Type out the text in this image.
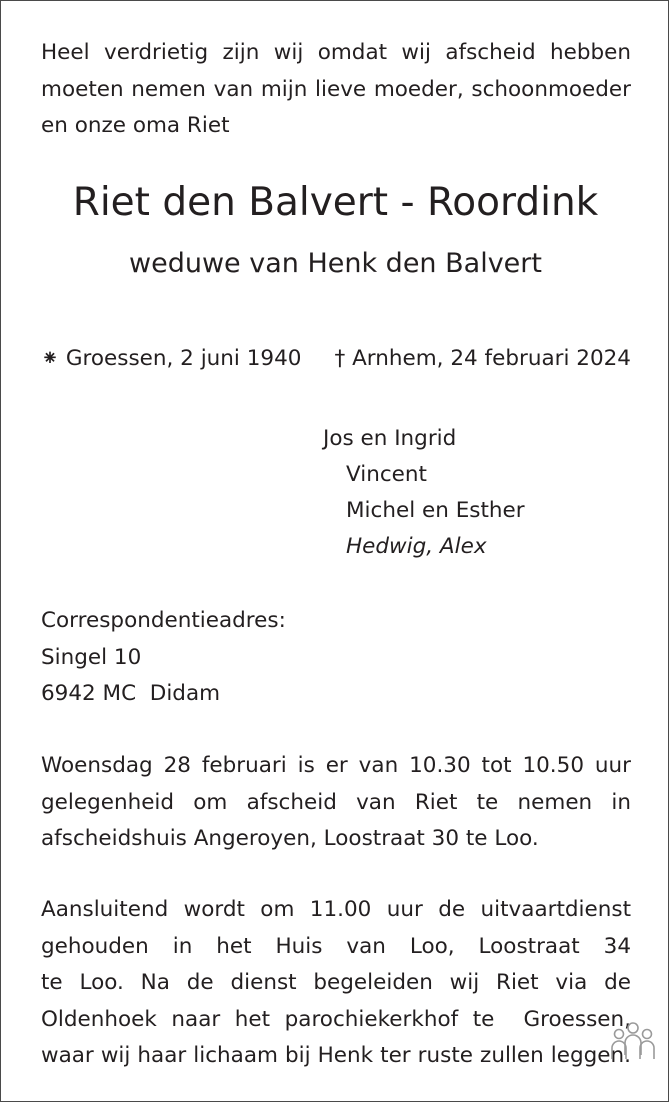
Heel verdrietig zijn wij omdat wij afscheid hebben
moeten nemen van mijn lieve moeder, schoonmoeder
en onze oma Riet
Riet den Balvert - Roordink
weduwe van Henk den Balvert
⁕ Groessen, 2 juni 1940 † Arnhem, 24 februari 2024
Jos en Ingrid
Vincent
Michel en Esther
Hedwig, Alex
Correspondentieadres:
Singel 10
6942 MC  Didam
Woensdag 28 februari is er van 10.30 tot 10.50 uur
gelegenheid om afscheid van Riet te nemen in
afscheidshuis Angeroyen, Loostraat 30 te Loo.
Aansluitend wordt om 11.00 uur de uitvaartdienst
gehouden in het Huis van Loo, Loostraat 34
te Loo. Na de dienst begeleiden wij Riet via de
Oldenhoek naar het parochiekerkhof te  Groessen,
waar wij haar lichaam bij Henk ter ruste zullen leggen.
